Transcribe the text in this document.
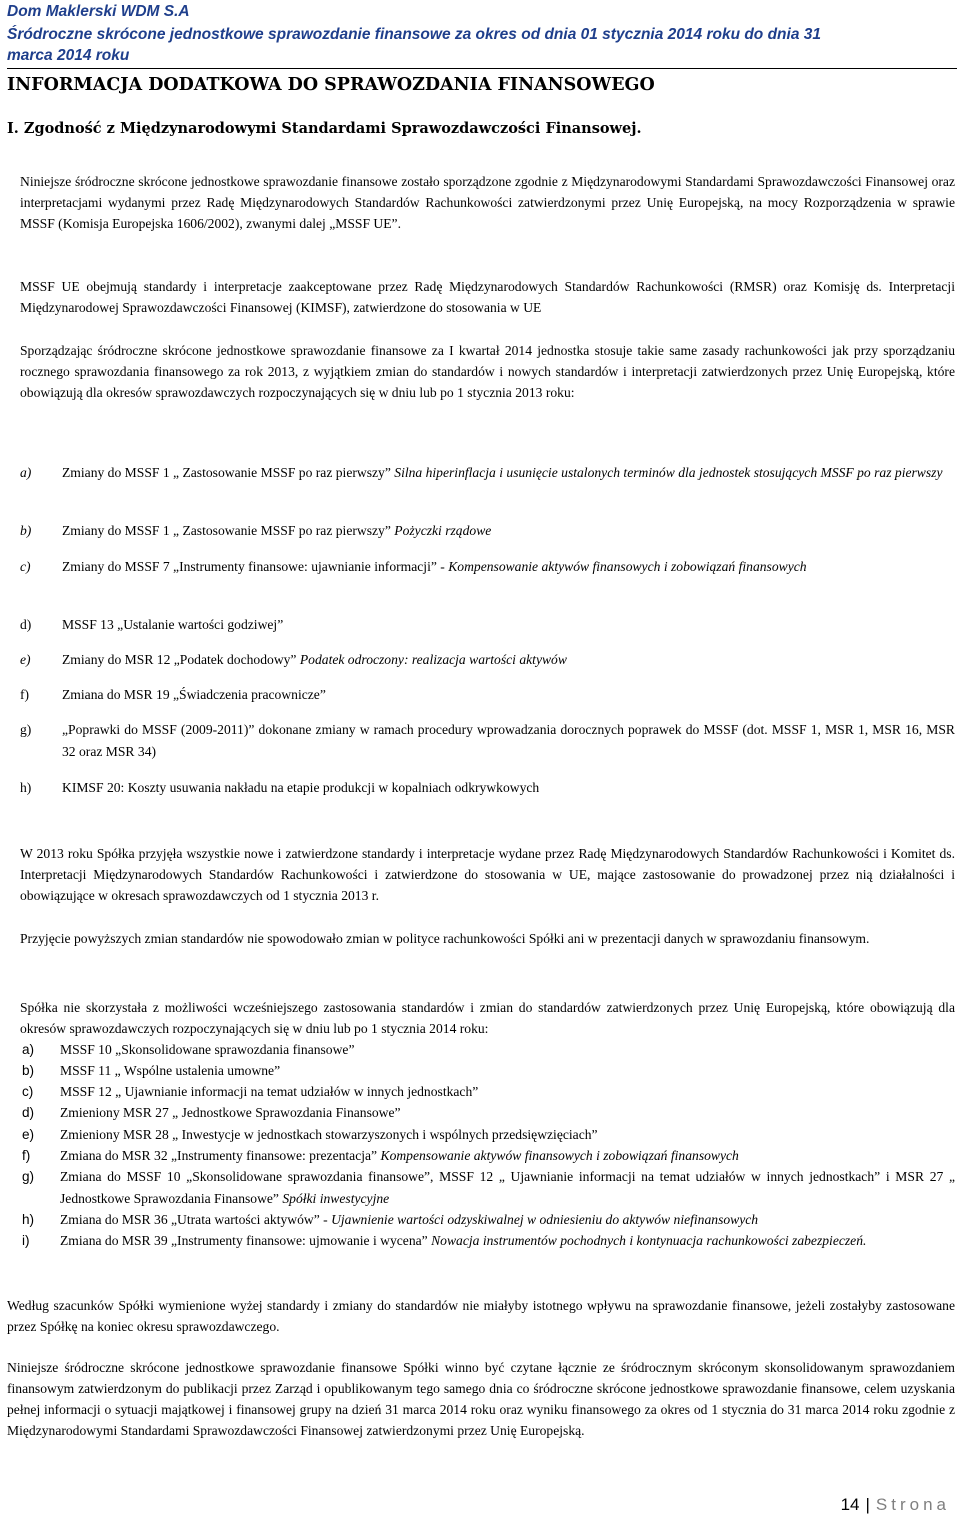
Dom Maklerski WDM S.A
Śródroczne skrócone jednostkowe sprawozdanie finansowe za okres od dnia 01 stycznia 2014 roku do dnia 31
marca 2014 roku
INFORMACJA DODATKOWA DO SPRAWOZDANIA FINANSOWEGO
I. Zgodność z Międzynarodowymi Standardami Sprawozdawczości Finansowej.
Niniejsze śródroczne skrócone jednostkowe sprawozdanie finansowe zostało sporządzone zgodnie z Międzynarodowymi Standardami Sprawozdawczości Finansowej oraz interpretacjami wydanymi przez Radę Międzynarodowych Standardów Rachunkowości zatwierdzonymi przez Unię Europejską, na mocy Rozporządzenia w sprawie MSSF (Komisja Europejska 1606/2002), zwanymi dalej „MSSF UE”.
MSSF UE obejmują standardy i interpretacje zaakceptowane przez Radę Międzynarodowych Standardów Rachunkowości (RMSR) oraz Komisję ds. Interpretacji Międzynarodowej Sprawozdawczości Finansowej (KIMSF), zatwierdzone do stosowania w UE
Sporządzając śródroczne skrócone jednostkowe sprawozdanie finansowe za I kwartał 2014 jednostka stosuje takie same zasady rachunkowości jak przy sporządzaniu rocznego sprawozdania finansowego za rok 2013, z wyjątkiem zmian do standardów i nowych standardów i interpretacji zatwierdzonych przez Unię Europejską, które obowiązują dla okresów sprawozdawczych rozpoczynających się w dniu lub po 1 stycznia 2013 roku:
a) Zmiany do MSSF 1 „ Zastosowanie MSSF po raz pierwszy” Silna hiperinflacja i usunięcie ustalonych terminów dla jednostek stosujących MSSF po raz pierwszy
b) Zmiany do MSSF 1 „ Zastosowanie MSSF po raz pierwszy” Pożyczki rządowe
c) Zmiany do MSSF 7 „Instrumenty finansowe: ujawnianie informacji” - Kompensowanie aktywów finansowych i zobowiązań finansowych
d) MSSF 13 „Ustalanie wartości godziwej”
e) Zmiany do MSR 12 „Podatek dochodowy” Podatek odroczony: realizacja wartości aktywów
f) Zmiana do MSR 19 „Świadczenia pracownicze”
g) „Poprawki do MSSF (2009-2011)” dokonane zmiany w ramach procedury wprowadzania dorocznych poprawek do MSSF (dot. MSSF 1, MSR 1, MSR 16, MSR 32 oraz MSR 34)
h) KIMSF 20: Koszty usuwania nakładu na etapie produkcji w kopalniach odkrywkowych
W 2013 roku Spółka przyjęła wszystkie nowe i zatwierdzone standardy i interpretacje wydane przez Radę Międzynarodowych Standardów Rachunkowości i Komitet ds. Interpretacji Międzynarodowych Standardów Rachunkowości i zatwierdzone do stosowania w UE, mające zastosowanie do prowadzonej przez nią działalności i obowiązujące w okresach sprawozdawczych od 1 stycznia 2013 r.
Przyjęcie powyższych zmian standardów nie spowodowało zmian w polityce rachunkowości Spółki ani w prezentacji danych w sprawozdaniu finansowym.
Spółka nie skorzystała z możliwości wcześniejszego zastosowania standardów i zmian do standardów zatwierdzonych przez Unię Europejską, które obowiązują dla okresów sprawozdawczych rozpoczynających się w dniu lub po 1 stycznia 2014 roku:
a) MSSF 10 „Skonsolidowane sprawozdania finansowe”
b) MSSF 11 „ Wspólne ustalenia umowne”
c) MSSF 12 „ Ujawnianie informacji na temat udziałów w innych jednostkach”
d) Zmieniony MSR 27 „ Jednostkowe Sprawozdania Finansowe”
e) Zmieniony MSR 28 „ Inwestycje w jednostkach stowarzyszonych i wspólnych przedsięwzięciach”
f) Zmiana do MSR 32 „Instrumenty finansowe: prezentacja” Kompensowanie aktywów finansowych i zobowiązań finansowych
g) Zmiana do MSSF 10 „Skonsolidowane sprawozdania finansowe”, MSSF 12 „ Ujawnianie informacji na temat udziałów w innych jednostkach” i MSR 27 „ Jednostkowe Sprawozdania Finansowe” Spółki inwestycyjne
h) Zmiana do MSR 36 „Utrata wartości aktywów” - Ujawnienie wartości odzyskiwalnej w odniesieniu do aktywów niefinansowych
i) Zmiana do MSR 39 „Instrumenty finansowe: ujmowanie i wycena” Nowacja instrumentów pochodnych i kontynuacja rachunkowości zabezpieczeń.
Według szacunków Spółki wymienione wyżej standardy i zmiany do standardów nie miałyby istotnego wpływu na sprawozdanie finansowe, jeżeli zostałyby zastosowane przez Spółkę na koniec okresu sprawozdawczego.
Niniejsze śródroczne skrócone jednostkowe sprawozdanie finansowe Spółki winno być czytane łącznie ze śródrocznym skróconym skonsolidowanym sprawozdaniem finansowym zatwierdzonym do publikacji przez Zarząd i opublikowanym tego samego dnia co śródroczne skrócone jednostkowe sprawozdanie finansowe, celem uzyskania pełnej informacji o sytuacji majątkowej i finansowej grupy na dzień 31 marca 2014 roku oraz wyniku finansowego za okres od 1 stycznia do 31 marca 2014 roku zgodnie z Międzynarodowymi Standardami Sprawozdawczości Finansowej zatwierdzonymi przez Unię Europejską.
14 | Strona
